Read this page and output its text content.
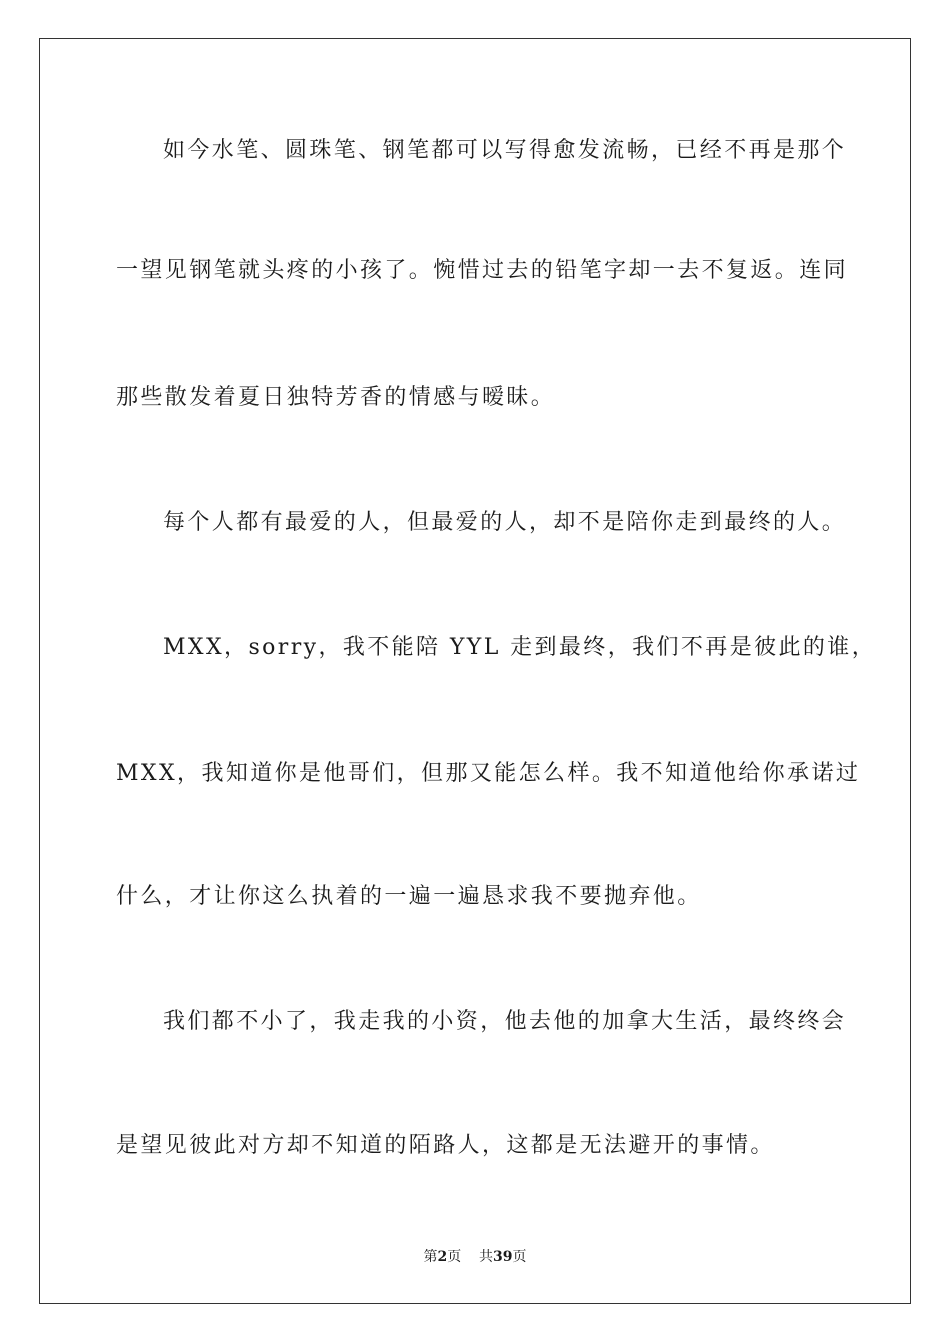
如今水笔、圆珠笔、钢笔都可以写得愈发流畅，已经不再是那个
一望见钢笔就头疼的小孩了。惋惜过去的铅笔字却一去不复返。连同
那些散发着夏日独特芳香的情感与暧昧。
每个人都有最爱的人，但最爱的人，却不是陪你走到最终的人。
MXX，sorry，我不能陪 YYL 走到最终，我们不再是彼此的谁，
MXX，我知道你是他哥们，但那又能怎么样。我不知道他给你承诺过
什么，才让你这么执着的一遍一遍恳求我不要抛弃他。
我们都不小了，我走我的小资，他去他的加拿大生活，最终终会
是望见彼此对方却不知道的陌路人，这都是无法避开的事情。
第2页 共39页
